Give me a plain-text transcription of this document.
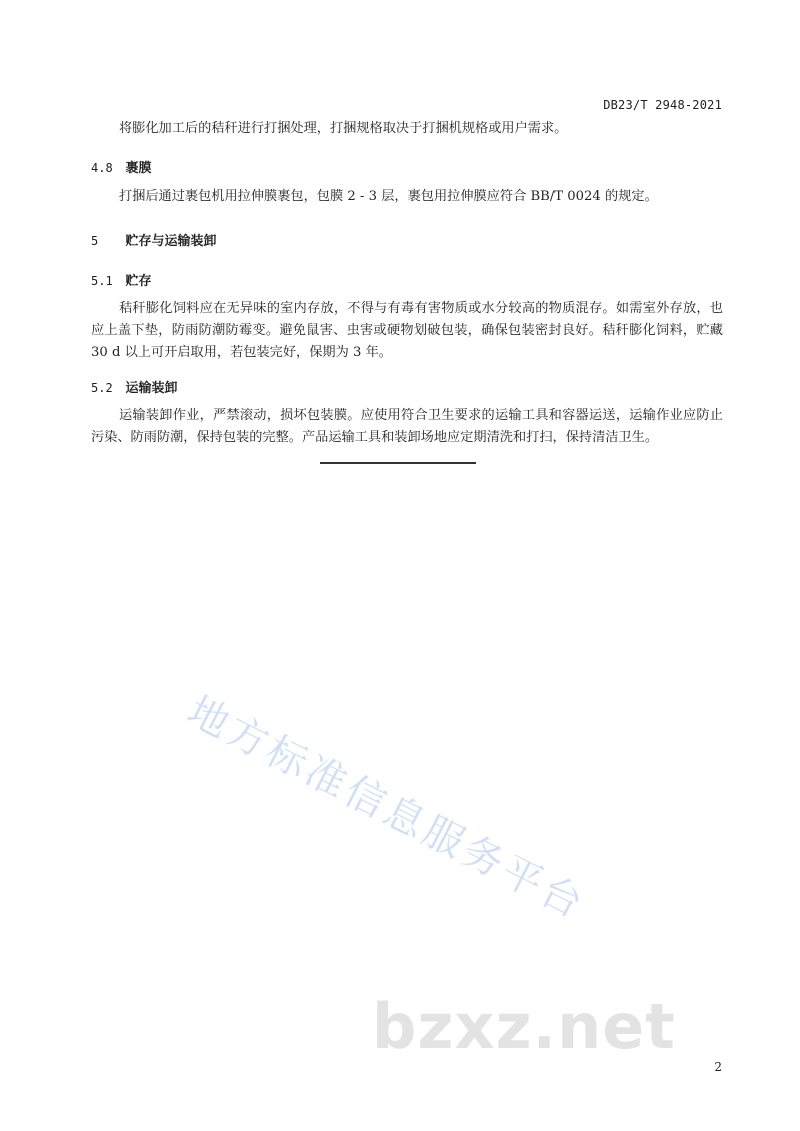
DB23/T 2948-2021

将膨化加工后的秸秆进行打捆处理，打捆规格取决于打捆机规格或用户需求。

4.8 裹膜

打捆后通过裹包机用拉伸膜裹包，包膜 2 - 3 层，裹包用拉伸膜应符合 BB/T 0024 的规定。

5 贮存与运输装卸
5.1 贮存

秸秆膨化饲料应在无异味的室内存放，不得与有毒有害物质或水分较高的物质混存。如需室外存放，也应上盖下垫，防雨防潮防霉变。避免鼠害、虫害或硬物划破包装，确保包装密封良好。秸秆膨化饲料，贮藏 30 d 以上可开启取用，若包装完好，保期为 3 年。

5.2 运输装卸

运输装卸作业，严禁滚动，损坏包装膜。应使用符合卫生要求的运输工具和容器运送，运输作业应防止污染、防雨防潮，保持包装的完整。产品运输工具和装卸场地应定期清洗和打扫，保持清洁卫生。

地方标准信息服务平台
bzxz.net
2
